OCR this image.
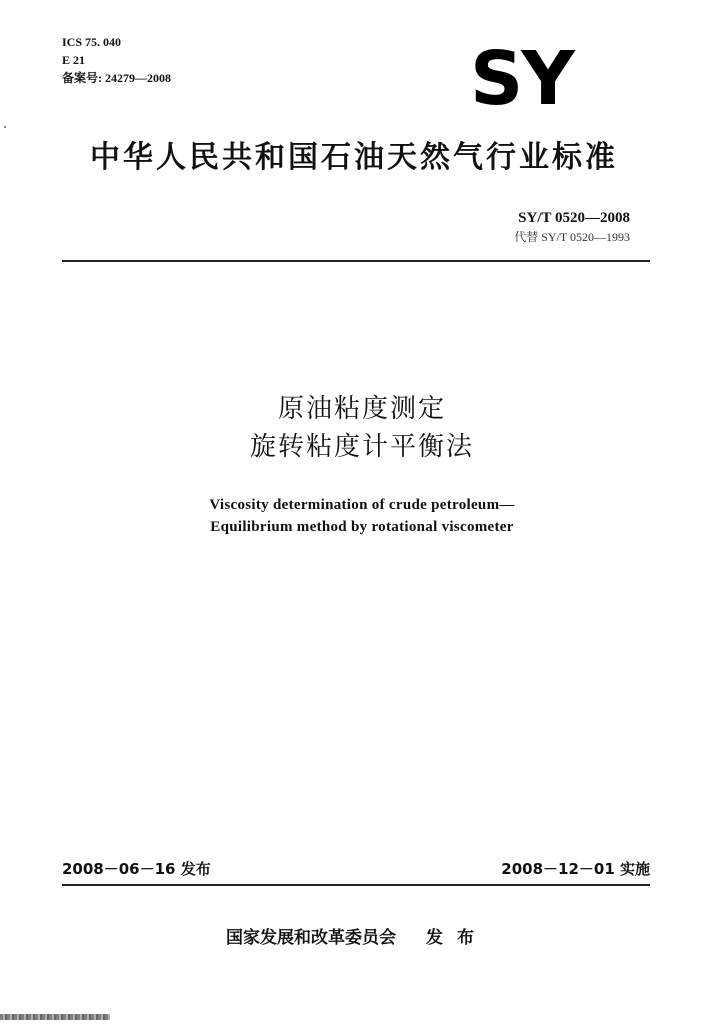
ICS 75. 040
E 21
备案号: 24279—2008	SY
中华人民共和国石油天然气行业标准
SY/T 0520—2008
代替 SY/T 0520—1993
原油粘度测定
旋转粘度计平衡法
Viscosity determination of crude petroleum—
Equilibrium method by rotational viscometer
2008－06－16 发布	2008－12－01 实施
国家发展和改革委员会 发布
